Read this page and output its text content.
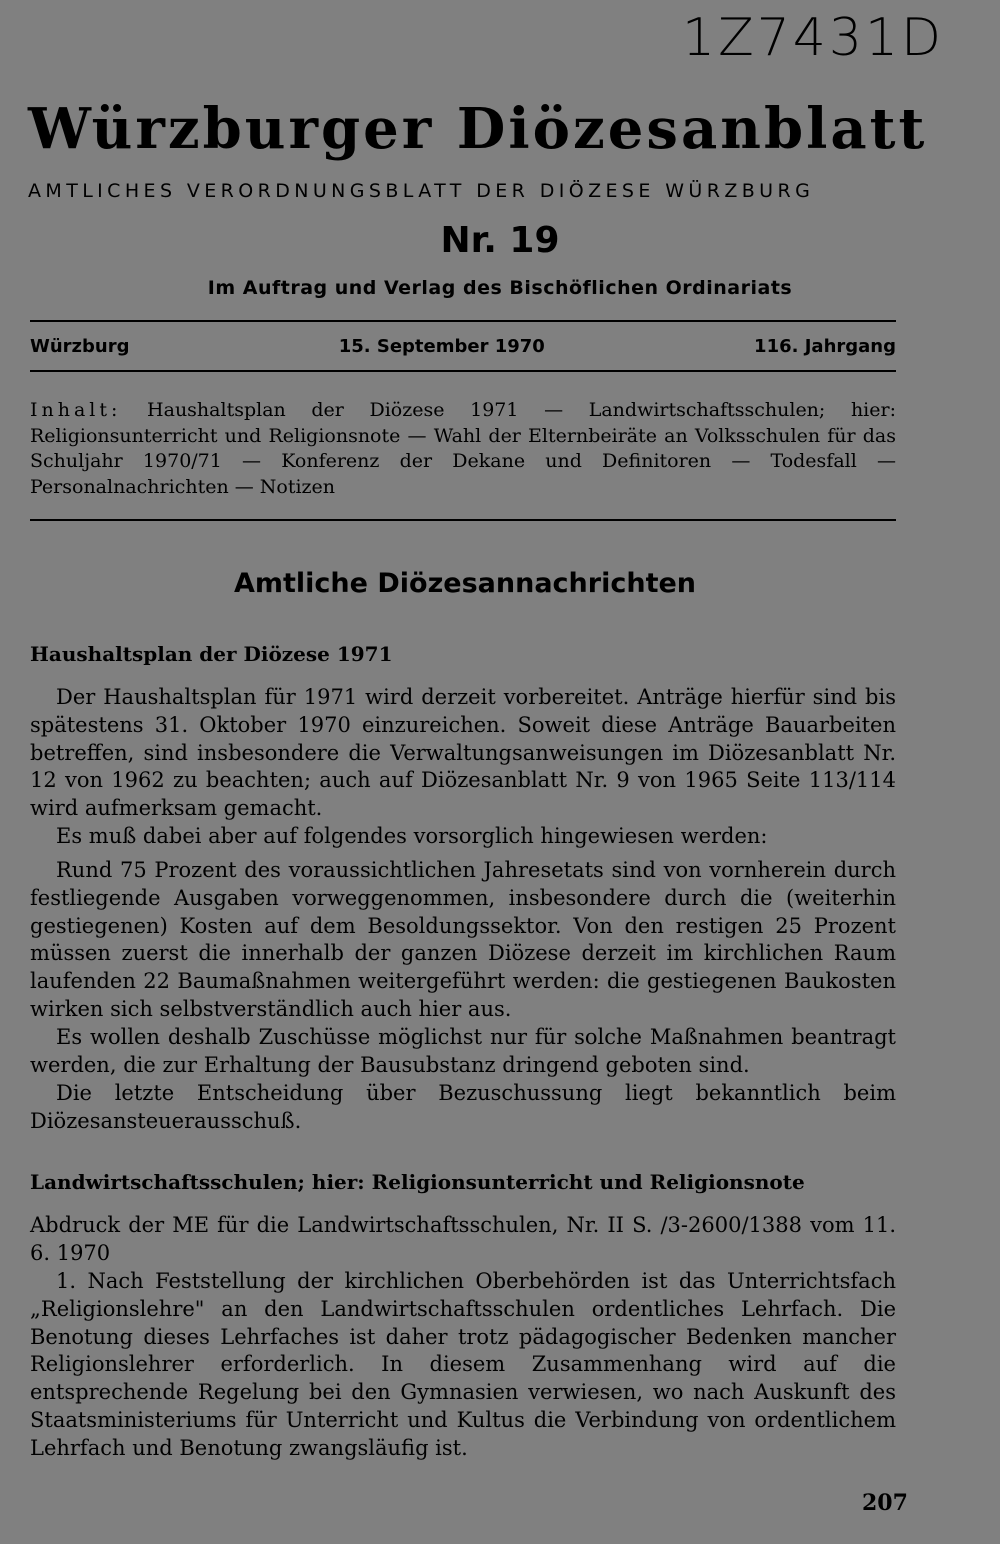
1Z7431D
Würzburger Diözesanblatt
AMTLICHES VERORDNUNGSBLATT DER DIÖZESE WÜRZBURG
Nr. 19
Im Auftrag und Verlag des Bischöflichen Ordinariats
Würzburg	15. September 1970	116. Jahrgang
Inhalt: Haushaltsplan der Diözese 1971 — Landwirtschaftsschulen; hier: Religionsunterricht und Religionsnote — Wahl der Elternbeiräte an Volksschulen für das Schuljahr 1970/71 — Konferenz der Dekane und Definitoren — Todesfall — Personalnachrichten — Notizen
Amtliche Diözesannachrichten
Haushaltsplan der Diözese 1971
Der Haushaltsplan für 1971 wird derzeit vorbereitet. Anträge hierfür sind bis spätestens 31. Oktober 1970 einzureichen. Soweit diese Anträge Bauarbeiten betreffen, sind insbesondere die Verwaltungsanweisungen im Diözesanblatt Nr. 12 von 1962 zu beachten; auch auf Diözesanblatt Nr. 9 von 1965 Seite 113/114 wird aufmerksam gemacht.
Es muß dabei aber auf folgendes vorsorglich hingewiesen werden:
Rund 75 Prozent des voraussichtlichen Jahresetats sind von vornherein durch festliegende Ausgaben vorweggenommen, insbesondere durch die (weiterhin gestiegenen) Kosten auf dem Besoldungssektor. Von den restigen 25 Prozent müssen zuerst die innerhalb der ganzen Diözese derzeit im kirchlichen Raum laufenden 22 Baumaßnahmen weitergeführt werden: die gestiegenen Baukosten wirken sich selbstverständlich auch hier aus.
Es wollen deshalb Zuschüsse möglichst nur für solche Maßnahmen beantragt werden, die zur Erhaltung der Bausubstanz dringend geboten sind.
Die letzte Entscheidung über Bezuschussung liegt bekanntlich beim Diözesansteuerausschuß.
Landwirtschaftsschulen; hier: Religionsunterricht und Religionsnote
Abdruck der ME für die Landwirtschaftsschulen, Nr. II S. /3-2600/1388 vom 11. 6. 1970
1. Nach Feststellung der kirchlichen Oberbehörden ist das Unterrichtsfach „Religionslehre" an den Landwirtschaftsschulen ordentliches Lehrfach. Die Benotung dieses Lehrfaches ist daher trotz pädagogischer Bedenken mancher Religionslehrer erforderlich. In diesem Zusammenhang wird auf die entsprechende Regelung bei den Gymnasien verwiesen, wo nach Auskunft des Staatsministeriums für Unterricht und Kultus die Verbindung von ordentlichem Lehrfach und Benotung zwangsläufig ist.
207
